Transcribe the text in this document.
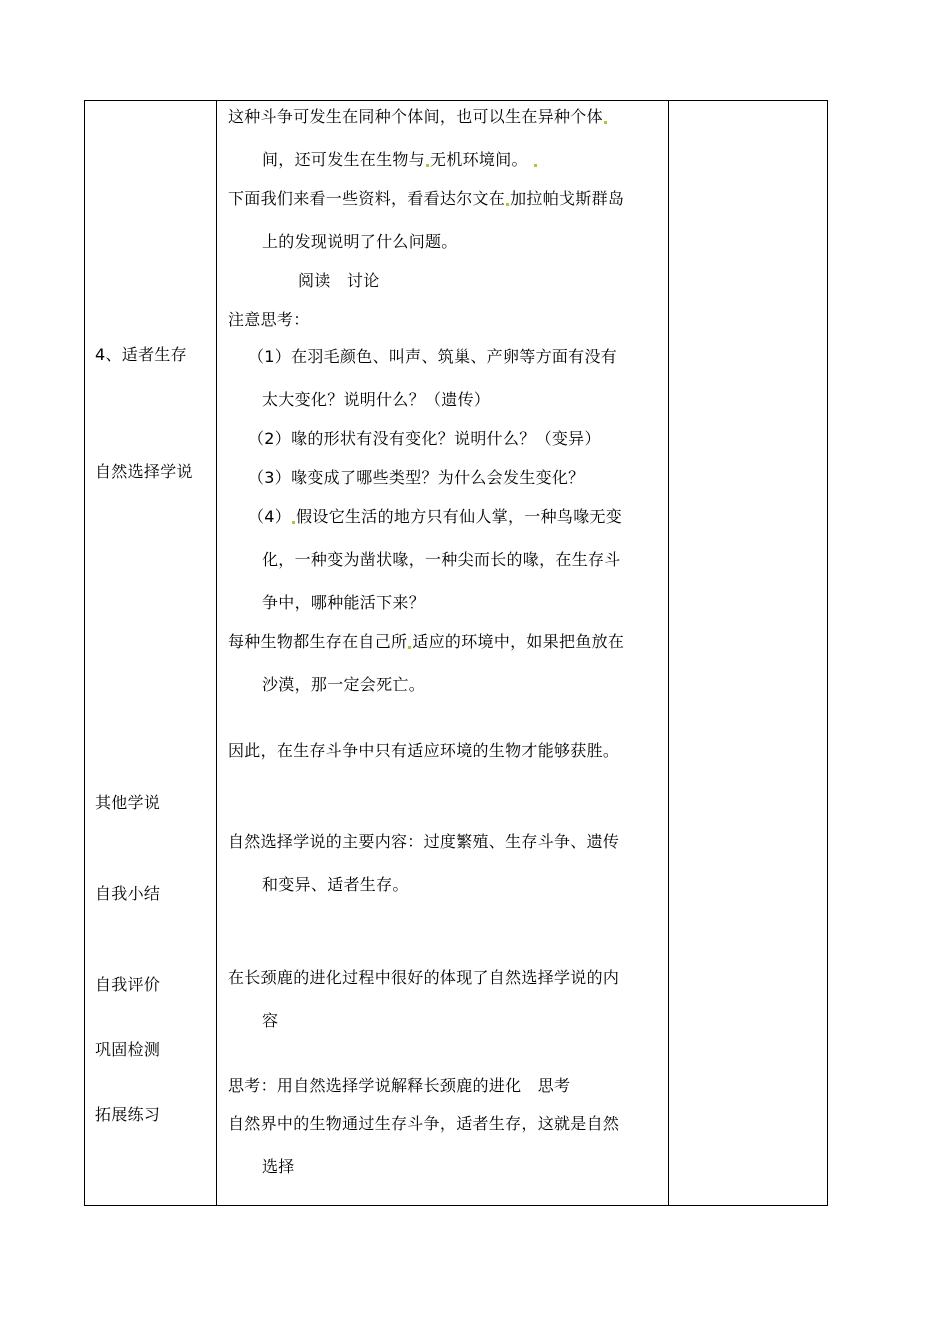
4、适者生存
自然选择学说
其他学说
自我小结
自我评价
巩固检测
拓展练习
这种斗争可发生在同种个体间，也可以生在异种个体
间，还可发生在生物与 无机环境间。
下面我们来看一些资料，看看达尔文在 加拉帕戈斯群岛
上的发现说明了什么问题。
阅读　讨论
注意思考：
（1）在羽毛颜色、叫声、筑巢、产卵等方面有没有
太大变化？说明什么？（遗传）
（2）喙的形状有没有变化？说明什么？（变异）
（3）喙变成了哪些类型？为什么会发生变化？
（4） 假设它生活的地方只有仙人掌，一种鸟喙无变
化，一种变为凿状喙，一种尖而长的喙，在生存斗
争中，哪种能活下来？
每种生物都生存在自己所 适应的环境中，如果把鱼放在
沙漠，那一定会死亡。
因此，在生存斗争中只有适应环境的生物才能够获胜。
自然选择学说的主要内容：过度繁殖、生存斗争、遗传
和变异、适者生存。
在长颈鹿的进化过程中很好的体现了自然选择学说的内
容
思考：用自然选择学说解释长颈鹿的进化　思考
自然界中的生物通过生存斗争，适者生存，这就是自然
选择
